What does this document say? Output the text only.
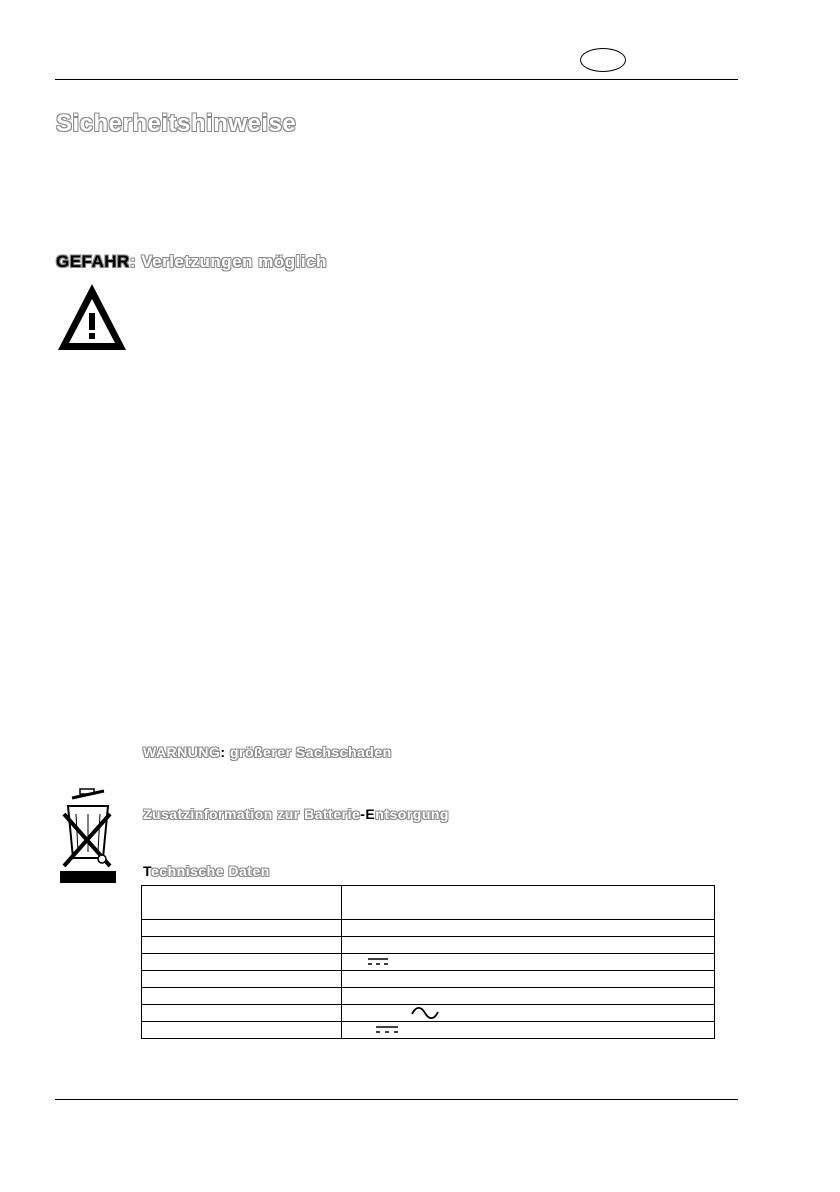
Sicherheitshinweise
GEFAHR: Verletzungen möglich
WARNUNG: größerer Sachschaden
Zusatzinformation zur Batterie-Entsorgung
Technische Daten
